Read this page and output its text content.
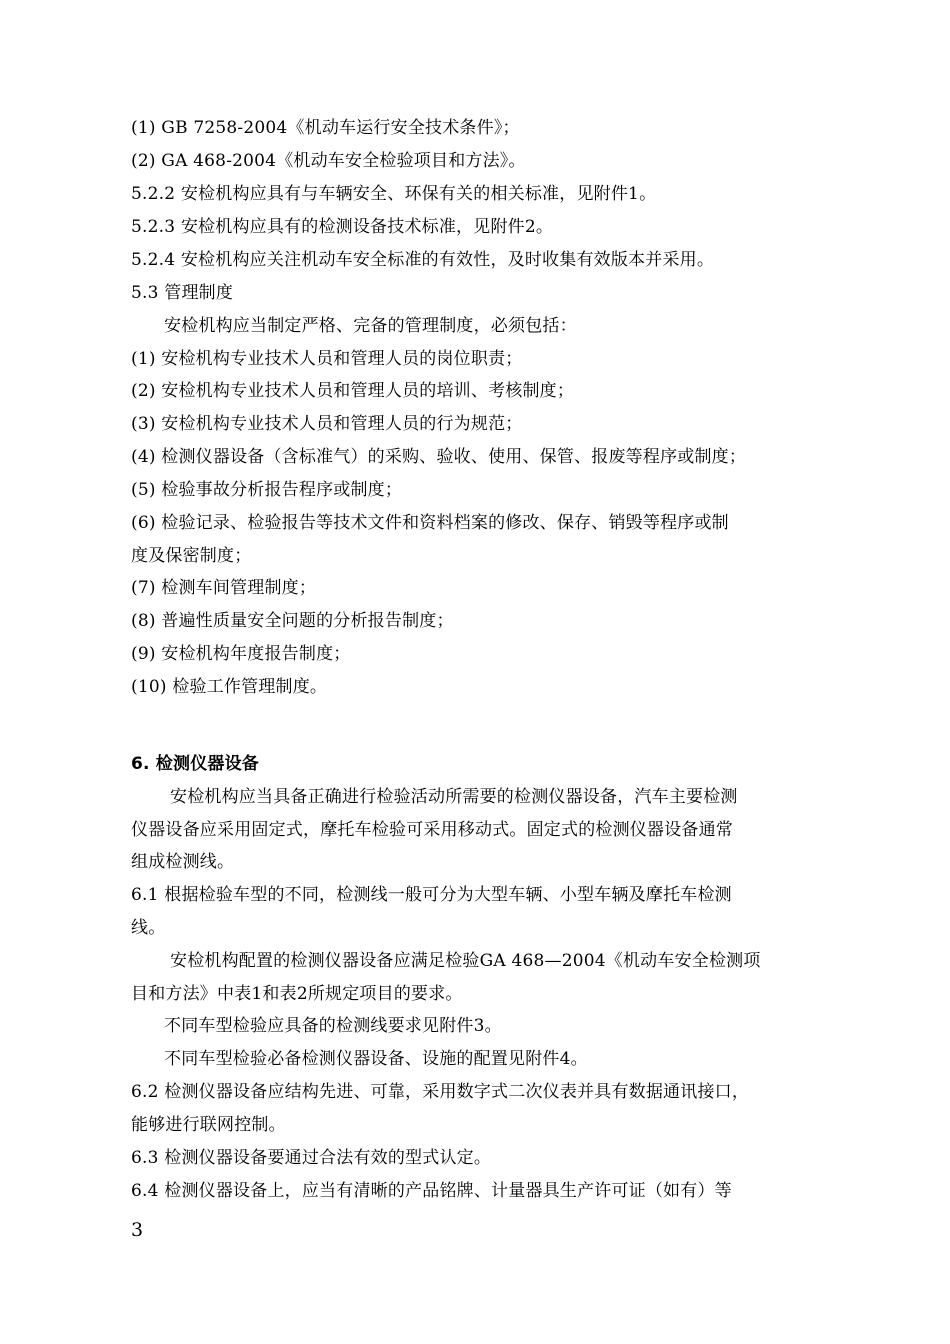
(1) GB 7258-2004《机动车运行安全技术条件》；
(2) GA 468-2004《机动车安全检验项目和方法》。
5.2.2 安检机构应具有与车辆安全、环保有关的相关标准，见附件1。
5.2.3 安检机构应具有的检测设备技术标准，见附件2。
5.2.4 安检机构应关注机动车安全标准的有效性，及时收集有效版本并采用。
5.3 管理制度
安检机构应当制定严格、完备的管理制度，必须包括：
(1) 安检机构专业技术人员和管理人员的岗位职责；
(2) 安检机构专业技术人员和管理人员的培训、考核制度；
(3) 安检机构专业技术人员和管理人员的行为规范；
(4) 检测仪器设备（含标准气）的采购、验收、使用、保管、报废等程序或制度；
(5) 检验事故分析报告程序或制度；
(6) 检验记录、检验报告等技术文件和资料档案的修改、保存、销毁等程序或制
度及保密制度；
(7) 检测车间管理制度；
(8) 普遍性质量安全问题的分析报告制度；
(9) 安检机构年度报告制度；
(10) 检验工作管理制度。
6. 检测仪器设备
安检机构应当具备正确进行检验活动所需要的检测仪器设备，汽车主要检测
仪器设备应采用固定式，摩托车检验可采用移动式。固定式的检测仪器设备通常
组成检测线。
6.1 根据检验车型的不同，检测线一般可分为大型车辆、小型车辆及摩托车检测
线。
安检机构配置的检测仪器设备应满足检验GA 468—2004《机动车安全检测项
目和方法》中表1和表2所规定项目的要求。
不同车型检验应具备的检测线要求见附件3。
不同车型检验必备检测仪器设备、设施的配置见附件4。
6.2 检测仪器设备应结构先进、可靠，采用数字式二次仪表并具有数据通讯接口，
能够进行联网控制。
6.3 检测仪器设备要通过合法有效的型式认定。
6.4 检测仪器设备上，应当有清晰的产品铭牌、计量器具生产许可证（如有）等
3
